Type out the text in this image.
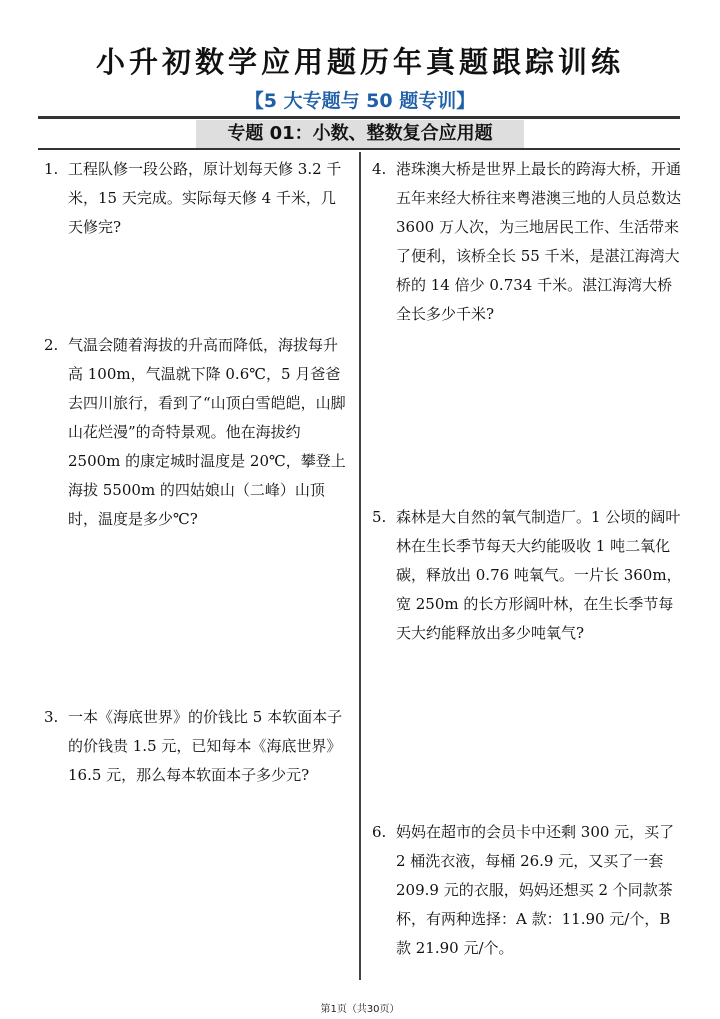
小升初数学应用题历年真题跟踪训练
【5 大专题与 50 题专训】
专题 01：小数、整数复合应用题
1. 工程队修一段公路，原计划每天修 3.2 千米，15 天完成。实际每天修 4 千米，几天修完?
2. 气温会随着海拔的升高而降低，海拔每升高 100m，气温就下降 0.6℃，5 月爸爸去四川旅行，看到了“山顶白雪皑皑，山脚山花烂漫”的奇特景观。他在海拔约 2500m 的康定城时温度是 20℃，攀登上海拔 5500m 的四姑娘山（二峰）山顶时，温度是多少℃?
3. 一本《海底世界》的价钱比 5 本软面本子的价钱贵 1.5 元，已知每本《海底世界》16.5 元，那么每本软面本子多少元?
4. 港珠澳大桥是世界上最长的跨海大桥，开通五年来经大桥往来粤港澳三地的人员总数达 3600 万人次，为三地居民工作、生活带来了便利，该桥全长 55 千米，是湛江海湾大桥的 14 倍少 0.734 千米。湛江海湾大桥全长多少千米?
5. 森林是大自然的氧气制造厂。1 公顷的阔叶林在生长季节每天大约能吸收 1 吨二氧化碳，释放出 0.76 吨氧气。一片长 360m，宽 250m 的长方形阔叶林，在生长季节每天大约能释放出多少吨氧气?
6. 妈妈在超市的会员卡中还剩 300 元，买了 2 桶洗衣液，每桶 26.9 元，又买了一套 209.9 元的衣服，妈妈还想买 2 个同款茶杯，有两种选择：A 款：11.90 元/个，B 款 21.90 元/个。
第1页（共30页）
